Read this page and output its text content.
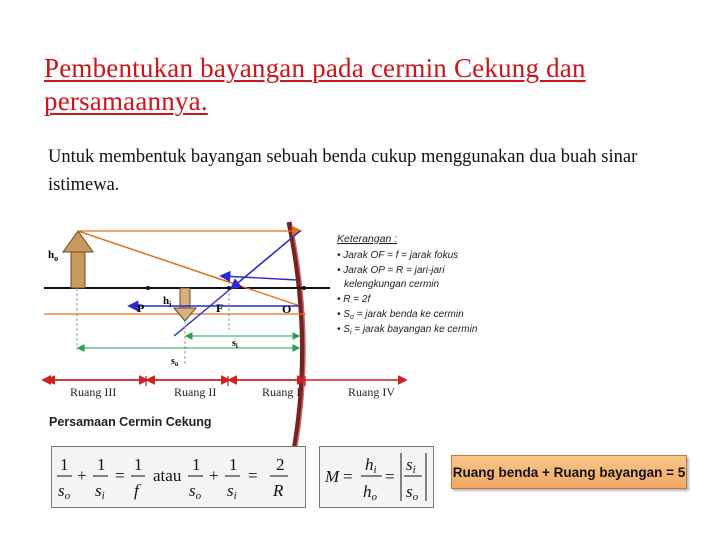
Pembentukan bayangan pada cermin Cekung dan persamaannya.
Untuk membentuk bayangan sebuah benda cukup menggunakan dua buah sinar istimewa.
$h_o$
$h_i$
P	F	O
$s_i$
$s_o$
Ruang III	Ruang II	Ruang I	Ruang IV
Keterangan :
• Jarak OF = f = jarak fokus
• Jarak OP = R = jari-jari
kelengkungan cermin
• R = 2f
• $S_o$ = jarak benda ke cermin
• $S_i$ = jarak bayangan ke cermin
Persamaan Cermin Cekung
1
so
+
1
si
=
1
f
atau
1
so
+
1
si
=
2
R
M =
hi
ho
=
si
so
Ruang benda + Ruang bayangan = 5
